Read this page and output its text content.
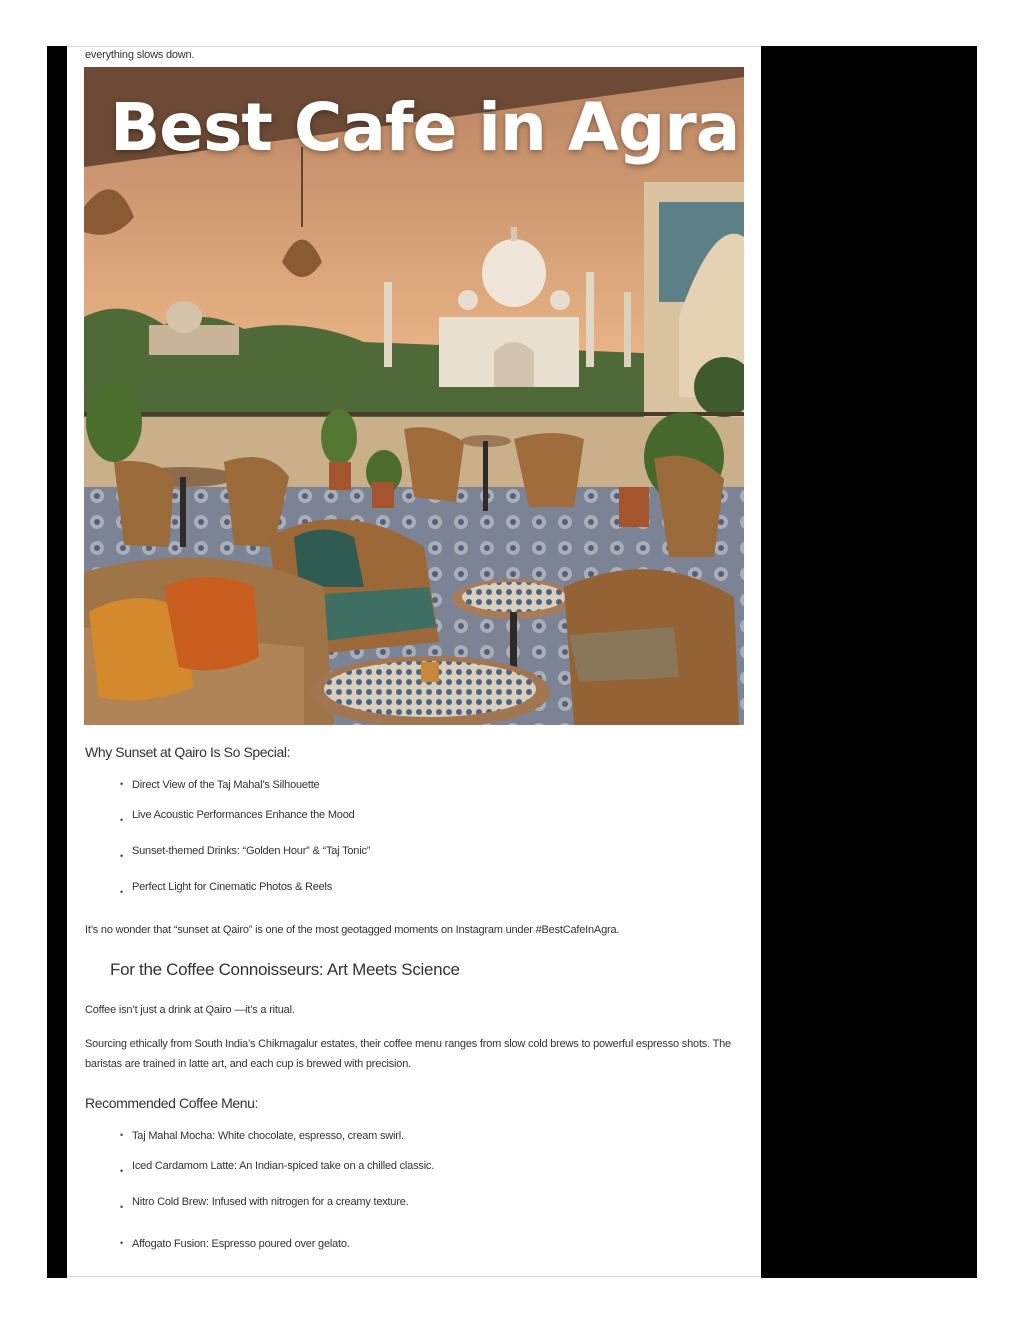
everything slows down.
Best Cafe in Agra
Why Sunset at Qairo Is So Special:
• Direct View of the Taj Mahal’s Silhouette
• Live Acoustic Performances Enhance the Mood
• Sunset-themed Drinks: “Golden Hour” & “Taj Tonic”
• Perfect Light for Cinematic Photos & Reels
It’s no wonder that “sunset at Qairo” is one of the most geotagged moments on Instagram under #BestCafeInAgra.
For the Coffee Connoisseurs: Art Meets Science
Coffee isn’t just a drink at Qairo —it’s a ritual.
Sourcing ethically from South India’s Chikmagalur estates, their coffee menu ranges from slow cold brews to powerful espresso shots. The baristas are trained in latte art, and each cup is brewed with precision.
Recommended Coffee Menu:
• Taj Mahal Mocha: White chocolate, espresso, cream swirl.
• Iced Cardamom Latte: An Indian-spiced take on a chilled classic.
• Nitro Cold Brew: Infused with nitrogen for a creamy texture.
• Affogato Fusion: Espresso poured over gelato.
